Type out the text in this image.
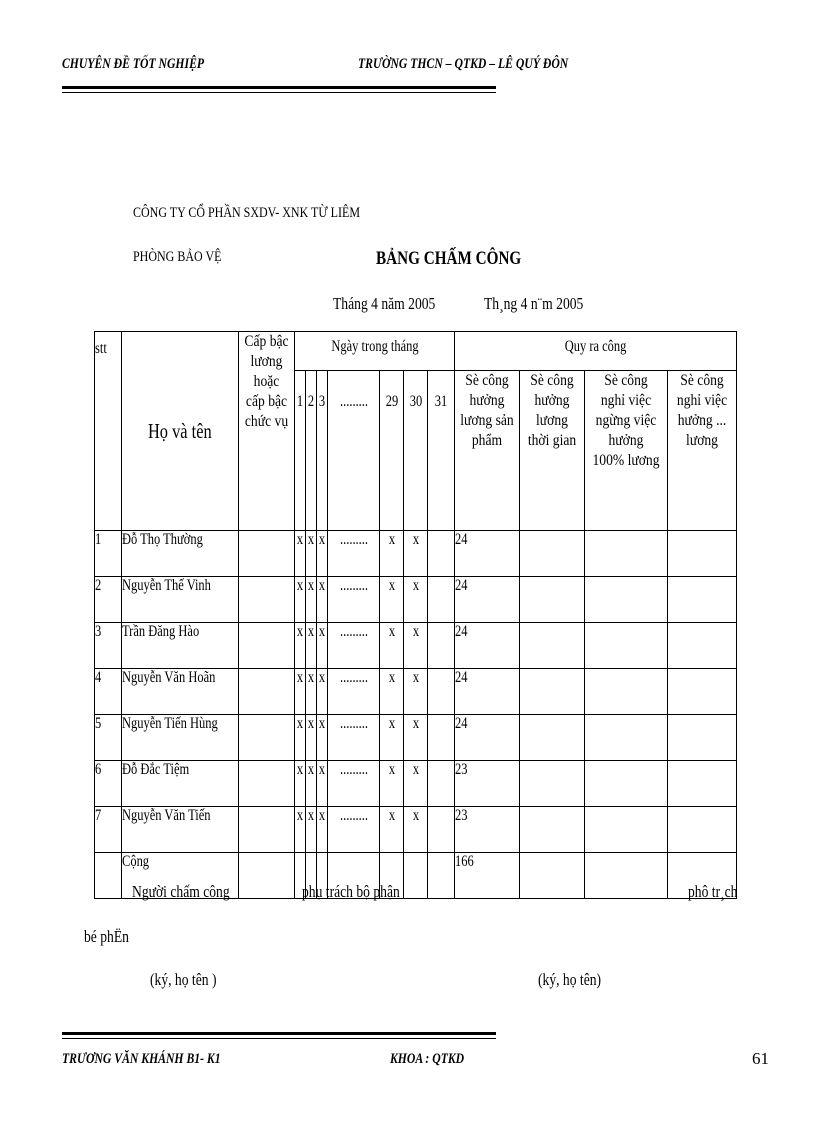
CHUYÊN ĐỀ TỐT NGHIỆP	TRƯỜNG THCN – QTKD – LÊ QUÝ ĐÔN
CÔNG TY CỔ PHẦN SXDV- XNK TỪ LIÊM
PHÒNG BẢO VỆ	BẢNG CHẤM CÔNG
Tháng 4 năm 2005	Th¸ng 4 n¨m 2005
stt	Họ và tên	Cấp bậc lương hoặc cấp bậc chức vụ	Ngày trong tháng							Quy ra công			
			1	2	3	.........	29	30	31	Sè công hưởng lương sản phẩm	Sè công hưởng lương thời gian	Sè công nghỉ việc ngừng việc hưởng 100% lương	Sè công nghỉ việc hưởng ... lương

1	Đỗ Thọ Thường		x	x	x	.........	x	x		24			
2	Nguyễn Thế Vinh		x	x	x	.........	x	x		24			
3	Trần Đăng Hào		x	x	x	.........	x	x		24			
4	Nguyễn Văn Hoãn		x	x	x	.........	x	x		24			
5	Nguyễn Tiến Hùng		x	x	x	.........	x	x		24			
6	Đỗ Đắc Tiệm		x	x	x	.........	x	x		23			
7	Nguyễn Văn Tiến		x	x	x	.........	x	x		23			
	Cộng									166			
Người chấm công	phụ trách bộ phận	phô tr¸ch
bé phËn
(ký, họ tên )	(ký, họ tên)
TRƯƠNG VĂN KHÁNH B1- K1	KHOA : QTKD	61
